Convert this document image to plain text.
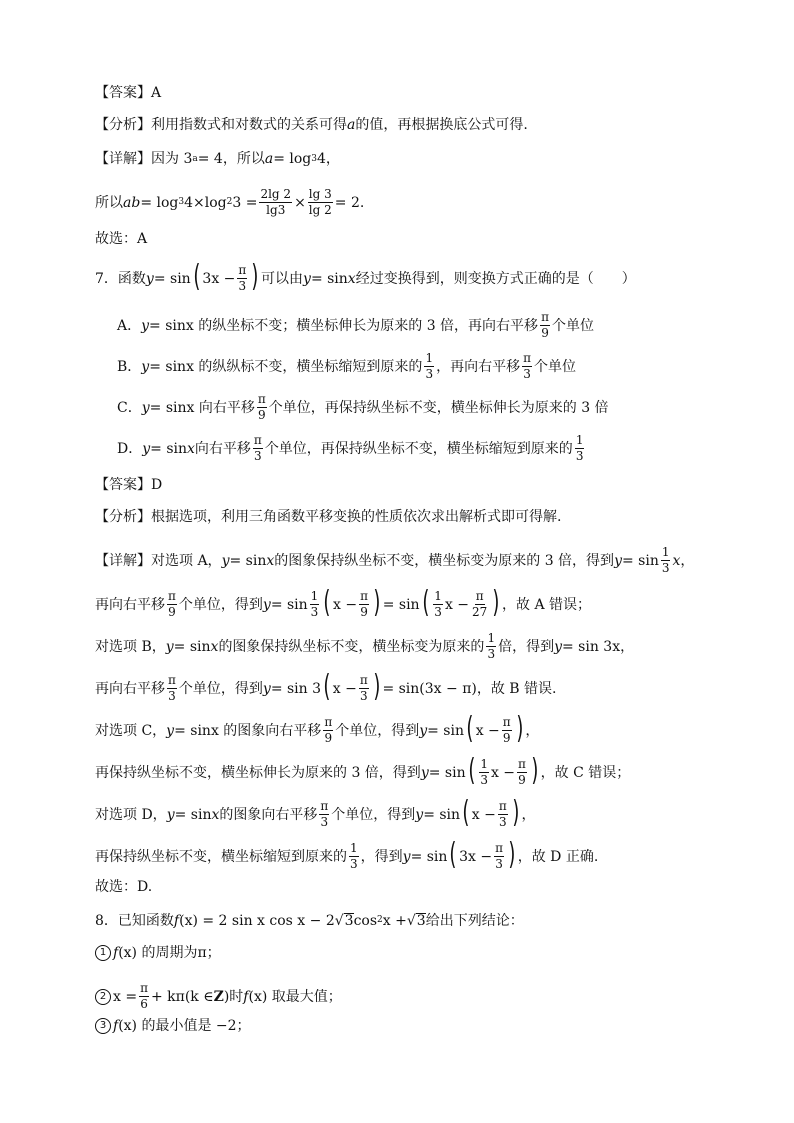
【答案】 A
【分析】 利用指数式和对数式的关系可得 a 的值，再根据换底公式可得.
【详解】 因为 3 a = 4，所以 a = log 3 4，
所以 ab = log 3 4×log 2 $3 = \frac{2\lg 2}{\lg 3} \times \frac{\lg 3}{\lg 2} = 2$.
故选：A
7．函数 y = sin ( $3x - \frac{\pi}{3}$ ) 可以由 y = sin x 经过变换得到，则变换方式正确的是（　　）
A． y = sinx 的纵坐标不变；横坐标伸长为原来的 3 倍，再向右平移 $\frac{\pi}{9}$ 个单位
B． y = sinx 的纵纵标不变，横坐标缩短到原来的 $\frac{1}{3}$ ，再向右平移 $\frac{\pi}{3}$ 个单位
C． y = sinx 向右平移 $\frac{\pi}{9}$ 个单位，再保持纵坐标不变，横坐标伸长为原来的 3 倍
D． y = sin x 向右平移 $\frac{\pi}{3}$ 个单位，再保持纵坐标不变，横坐标缩短到原来的 $\frac{1}{3}$
【答案】 D
【分析】 根据选项，利用三角函数平移变换的性质依次求出解析式即可得解.
【详解】 对选项 A， y = sin x 的图象保持纵坐标不变，横坐标变为原来的 3 倍，得到 $y = \sin \frac{1}{3}$ x ，
再向右平移 $\frac{\pi}{9}$ 个单位，得到 $y = \sin \frac{1}{3}$ ( $x - \frac{\pi}{9}$ ) = sin ( $\frac{1}{3}$ $x - \frac{\pi}{27}$ ) ，故 A 错误；
对选项 B， y = sin x 的图象保持纵坐标不变，横坐标变为原来的 $\frac{1}{3}$ 倍，得到 y = sin 3x，
再向右平移 $\frac{\pi}{3}$ 个单位，得到 y = sin 3 ( $x - \frac{\pi}{3}$ ) = sin(3x − π)，故 B 错误.
对选项 C， y = sinx 的图象向右平移 $\frac{\pi}{9}$ 个单位，得到 y = sin ( $x - \frac{\pi}{9}$ ) ，
再保持纵坐标不变，横坐标伸长为原来的 3 倍，得到 y = sin ( $\frac{1}{3}$ $x - \frac{\pi}{9}$ ) ，故 C 错误；
对选项 D， y = sin x 的图象向右平移 $\frac{\pi}{3}$ 个单位，得到 y = sin ( $x - \frac{\pi}{3}$ ) ，
再保持纵坐标不变，横坐标缩短到原来的 $\frac{1}{3}$ ，得到 y = sin ( $3x - \frac{\pi}{3}$ ) ，故 D 正确.
故选：D.
8．已知函数 f (x) = 2 sin x cos x − 2 √ 3 cos 2 x + √ 3 给出下列结论：
1 f (x) 的周期为 π；
2 $x = \frac{\pi}{6} + k\pi(k$ ∈ Z )时 f (x) 取最大值；
3 f (x) 的最小值是 −2；
